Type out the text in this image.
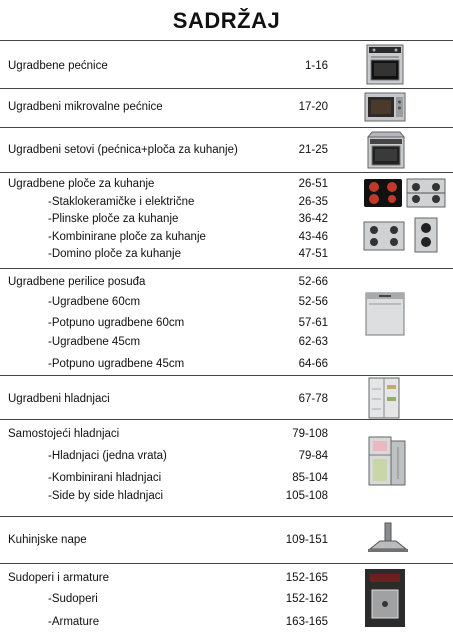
SADRŽAJ
Ugradbene pećnice	1-16
Ugradbeni mikrovalne pećnice	17-20
Ugradbeni setovi (pećnica+ploča za kuhanje)	21-25
Ugradbene ploče za kuhanje	26-51
-Staklokeramičke i električne	26-35
-Plinske ploče za kuhanje	36-42
-Kombinirane ploče za kuhanje	43-46
-Domino ploče za kuhanje	47-51
Ugradbene perilice posuđa	52-66
-Ugradbene 60cm	52-56
-Potpuno ugradbene 60cm	57-61
-Ugradbene 45cm	62-63
-Potpuno ugradbene 45cm	64-66
Ugradbeni hladnjaci	67-78
Samostojeći hladnjaci	79-108
-Hladnjaci (jedna vrata)	79-84
-Kombinirani hladnjaci	85-104
-Side by side hladnjaci	105-108
Kuhinjske nape	109-151
Sudoperi i armature	152-165
-Sudoperi	152-162
-Armature	163-165
